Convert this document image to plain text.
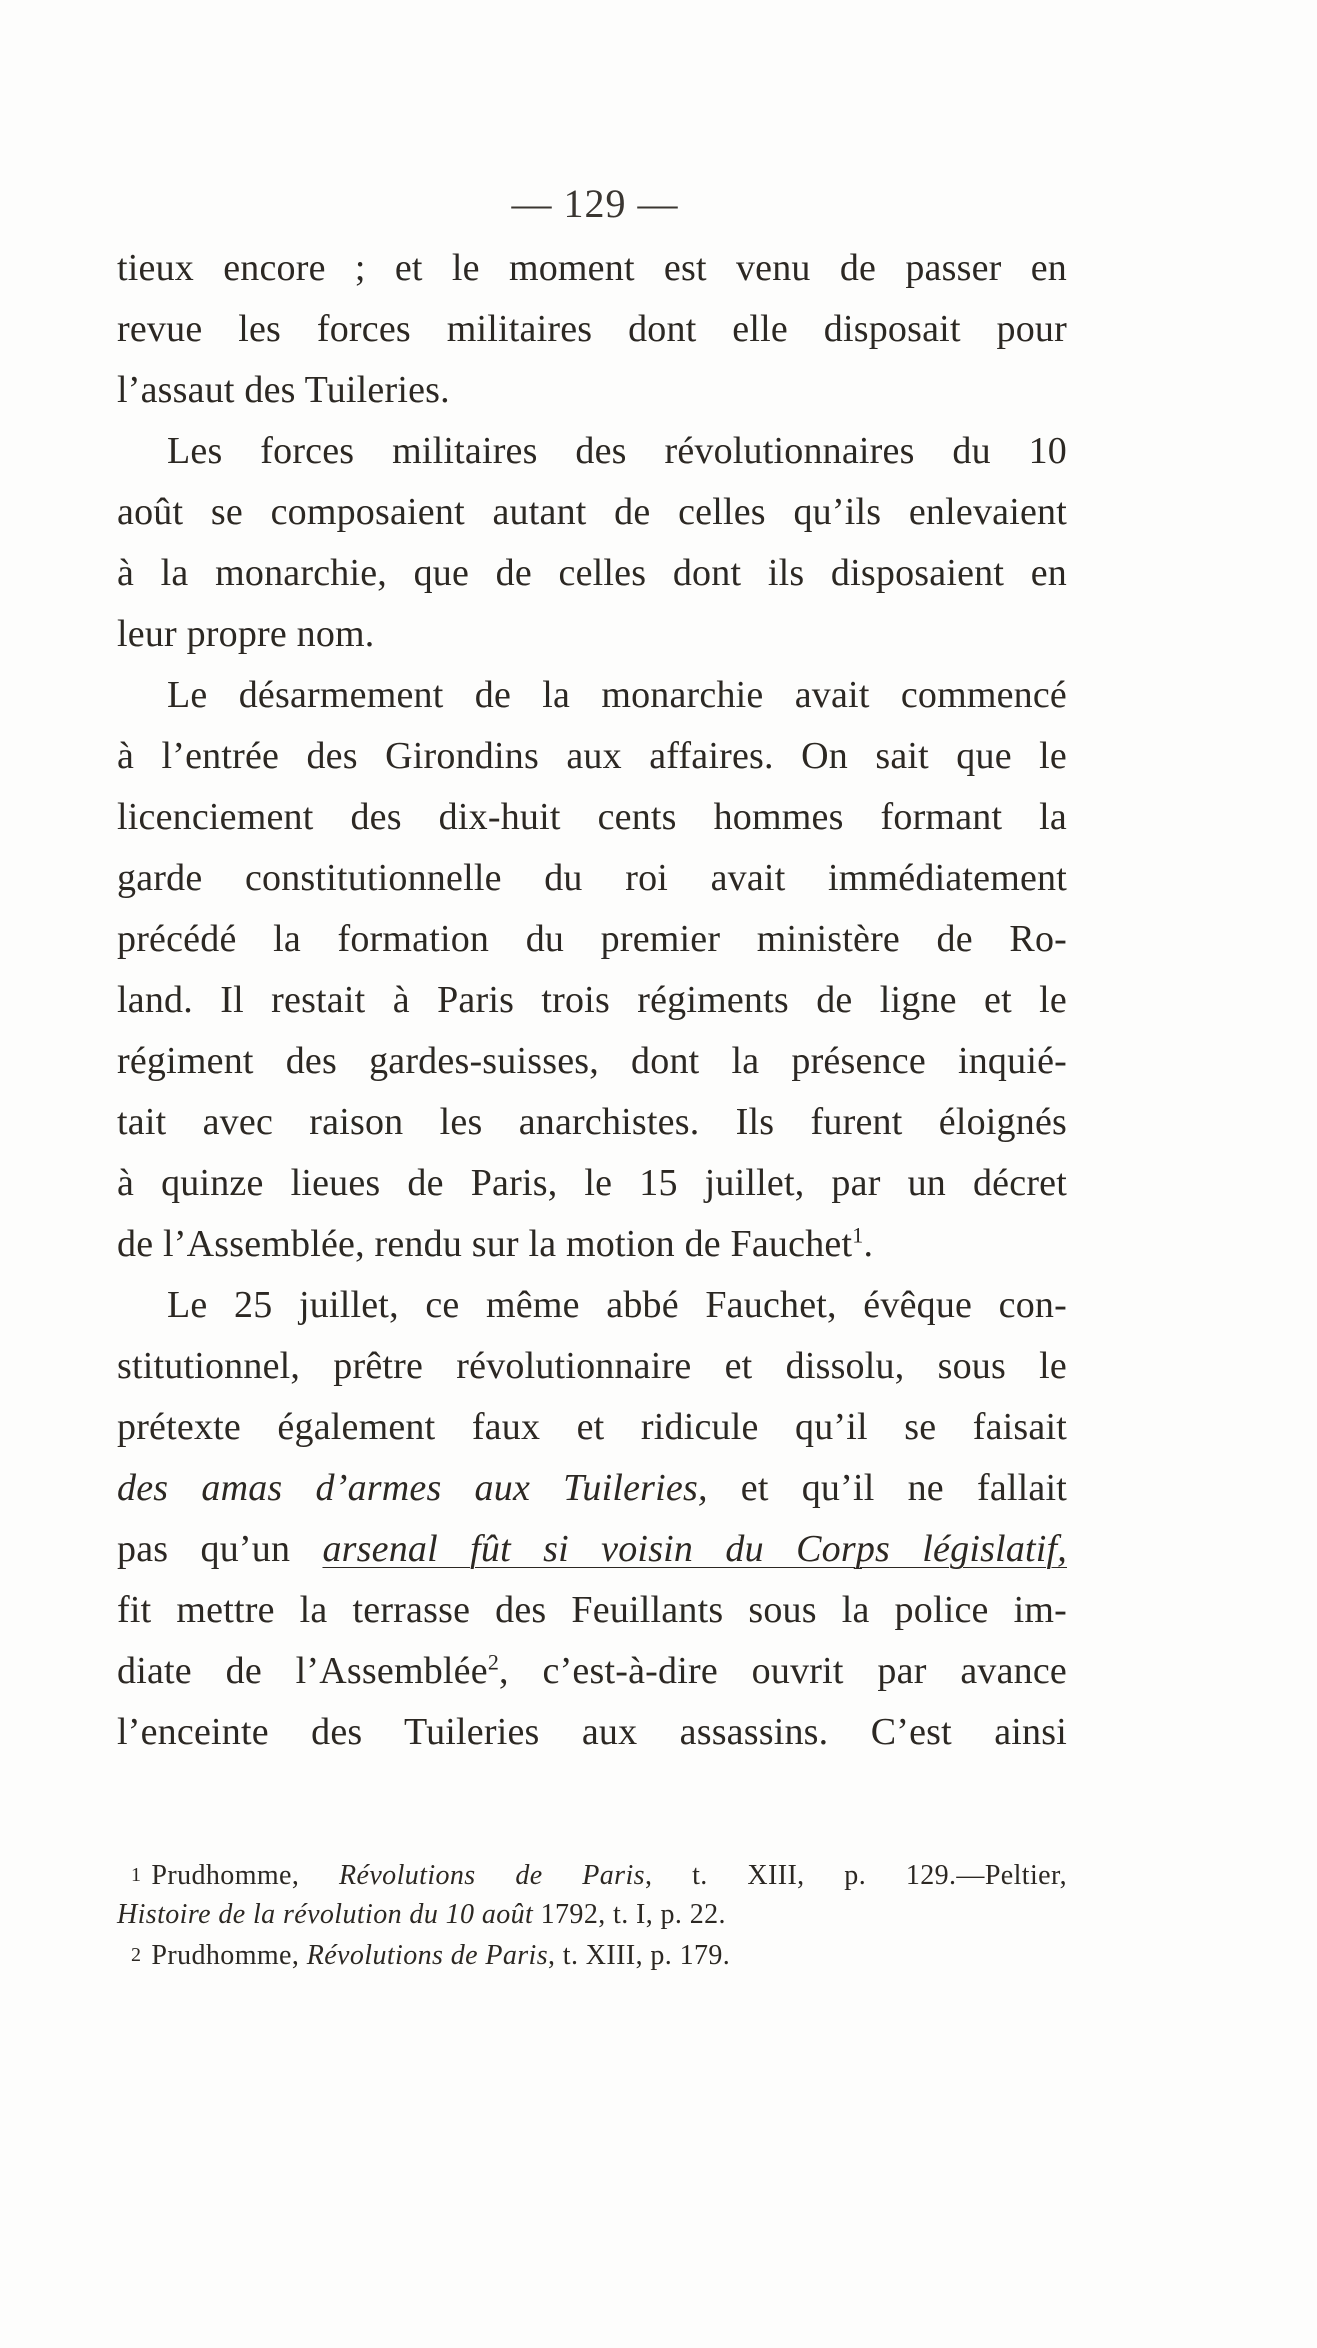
— 129 —
tieux encore ; et le moment est venu de passer en
revue les forces militaires dont elle disposait pour
l’assaut des Tuileries.
Les forces militaires des révolutionnaires du 10
août se composaient autant de celles qu’ils enlevaient
à la monarchie, que de celles dont ils disposaient en
leur propre nom.
Le désarmement de la monarchie avait commencé
à l’entrée des Girondins aux affaires. On sait que le
licenciement des dix-huit cents hommes formant la
garde constitutionnelle du roi avait immédiatement
précédé la formation du premier ministère de Ro-
land. Il restait à Paris trois régiments de ligne et le
régiment des gardes-suisses, dont la présence inquié-
tait avec raison les anarchistes. Ils furent éloignés
à quinze lieues de Paris, le 15 juillet, par un décret
de l’Assemblée, rendu sur la motion de Fauchet$^1$.
Le 25 juillet, ce même abbé Fauchet, évêque con-
stitutionnel, prêtre révolutionnaire et dissolu, sous le
prétexte également faux et ridicule qu’il se faisait
des amas d’armes aux Tuileries, et qu’il ne fallait
pas qu’un arsenal fût si voisin du Corps législatif,
fit mettre la terrasse des Feuillants sous la police im-
diate de l’Assemblée$^2$, c’est-à-dire ouvrit par avance
l’enceinte des Tuileries aux assassins. C’est ainsi
1 Prudhomme, Révolutions de Paris, t. XIII, p. 129.—Peltier,
Histoire de la révolution du 10 août 1792, t. I, p. 22.
2 Prudhomme, Révolutions de Paris, t. XIII, p. 179.
